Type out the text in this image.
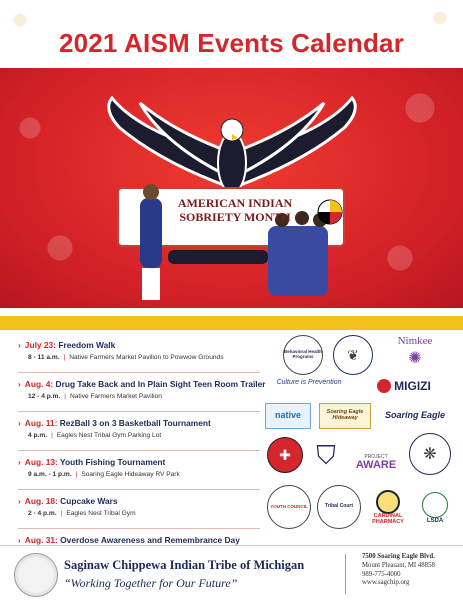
2021 AISM Events Calendar
AMERICAN INDIAN
SOBRIETY MONTH
› July 23: Freedom Walk
8 - 11 a.m. | Native Farmers Market Pavilion to Powwow Grounds
› Aug. 4: Drug Take Back and In Plain Sight Teen Room Trailer
12 - 4 p.m. | Native Farmers Market Pavilion
› Aug. 11: RezBall 3 on 3 Basketball Tournament
4 p.m. | Eagles Nest Tribal Gym Parking Lot
› Aug. 13: Youth Fishing Tournament
9 a.m. - 1 p.m. | Soaring Eagle Hideaway RV Park
› Aug. 18: Cupcake Wars
2 - 4 p.m. | Eagles Nest Tribal Gym
› Aug. 31: Overdose Awareness and Remembrance Day
Behavioral Health Programs	❦
Nimkee
✺
Culture is Prevention	MIGIZI
native	Soaring Eagle Hideaway	Soaring Eagle
✚ ⛉	PROJECT
AWARE
❋
YOUTH COUNCIL	Tribal Court
CARDINAL PHARMACY	LSDA
Saginaw Chippewa Indian Tribe of Michigan
“Working Together for Our Future”
7500 Soaring Eagle Blvd.
Mount Pleasant, MI 48858
989-775-4000
www.sagchip.org
